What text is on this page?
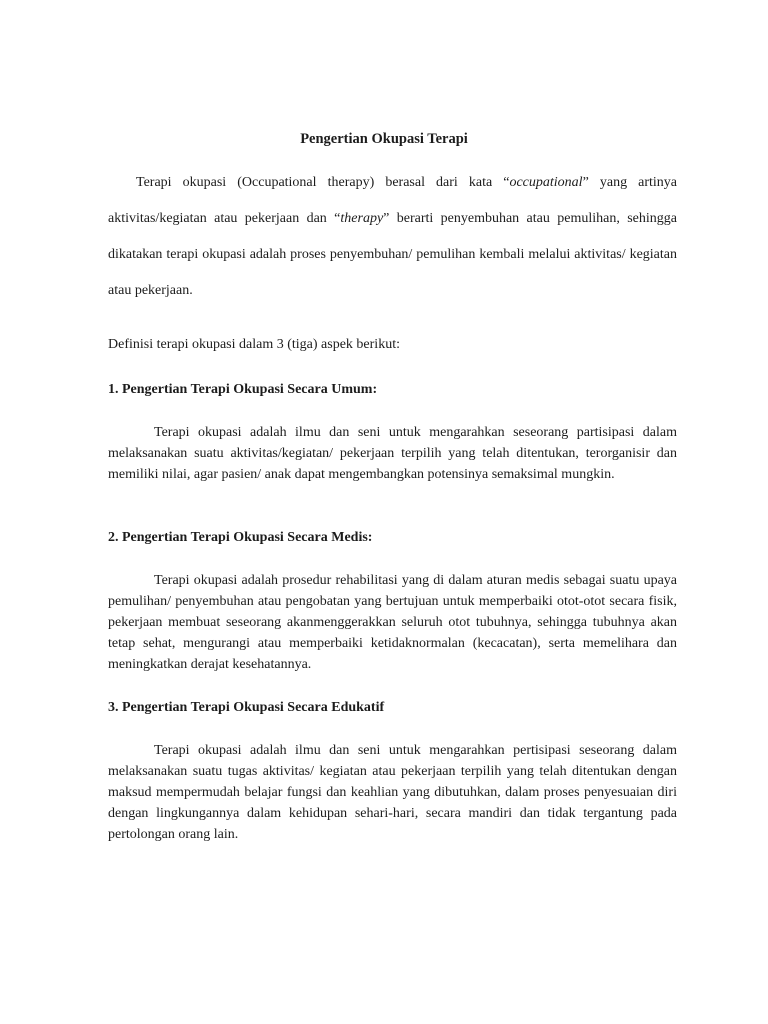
Pengertian Okupasi Terapi

Terapi okupasi (Occupational therapy) berasal dari kata “occupational” yang artinya aktivitas/kegiatan atau pekerjaan dan “therapy” berarti penyembuhan atau pemulihan, sehingga dikatakan terapi okupasi adalah proses penyembuhan/ pemulihan kembali melalui aktivitas/ kegiatan atau pekerjaan.

Definisi terapi okupasi dalam 3 (tiga) aspek berikut:

1. Pengertian Terapi Okupasi Secara Umum:

Terapi okupasi adalah ilmu dan seni untuk mengarahkan seseorang partisipasi dalam melaksanakan suatu aktivitas/kegiatan/ pekerjaan terpilih yang telah ditentukan, terorganisir dan memiliki nilai, agar pasien/ anak dapat mengembangkan potensinya semaksimal mungkin.

2. Pengertian Terapi Okupasi Secara Medis:

Terapi okupasi adalah prosedur rehabilitasi yang di dalam aturan medis sebagai suatu upaya pemulihan/ penyembuhan atau pengobatan yang bertujuan untuk memperbaiki otot-otot secara fisik, pekerjaan membuat seseorang akanmenggerakkan seluruh otot tubuhnya, sehingga tubuhnya akan tetap sehat, mengurangi atau memperbaiki ketidaknormalan (kecacatan), serta memelihara dan meningkatkan derajat kesehatannya.

3. Pengertian Terapi Okupasi Secara Edukatif

Terapi okupasi adalah ilmu dan seni untuk mengarahkan pertisipasi seseorang dalam melaksanakan suatu tugas aktivitas/ kegiatan atau pekerjaan terpilih yang telah ditentukan dengan maksud mempermudah belajar fungsi dan keahlian yang dibutuhkan, dalam proses penyesuaian diri dengan lingkungannya dalam kehidupan sehari-hari, secara mandiri dan tidak tergantung pada pertolongan orang lain.
